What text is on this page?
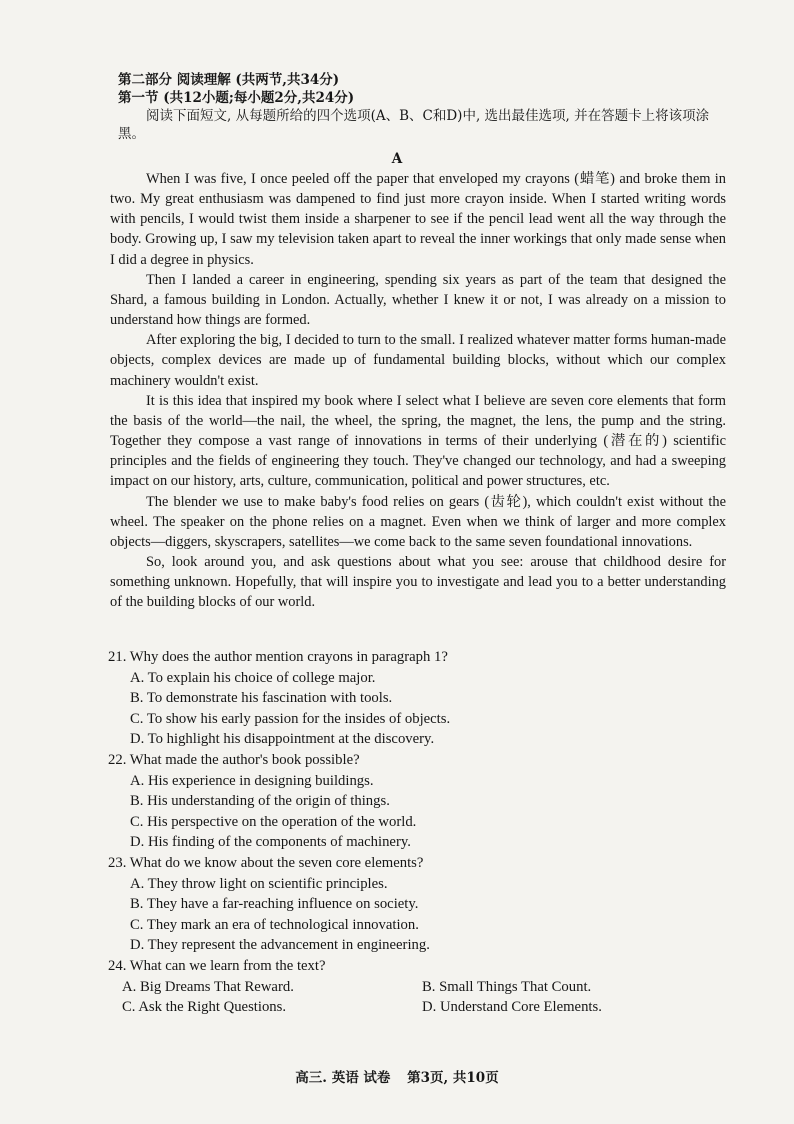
第二部分 阅读理解 (共两节,共34分)
第一节 (共12小题;每小题2分,共24分)
阅读下面短文, 从每题所给的四个选项(A、B、C和D)中, 选出最佳选项, 并在答题卡上将该项涂黑。
A

When I was five, I once peeled off the paper that enveloped my crayons (蜡笔) and broke them in two. My great enthusiasm was dampened to find just more crayon inside. When I started writing words with pencils, I would twist them inside a sharpener to see if the pencil lead went all the way through the body. Growing up, I saw my television taken apart to reveal the inner workings that only made sense when I did a degree in physics.

Then I landed a career in engineering, spending six years as part of the team that designed the Shard, a famous building in London. Actually, whether I knew it or not, I was already on a mission to understand how things are formed.

After exploring the big, I decided to turn to the small. I realized whatever matter forms human-made objects, complex devices are made up of fundamental building blocks, without which our complex machinery wouldn't exist.

It is this idea that inspired my book where I select what I believe are seven core elements that form the basis of the world—the nail, the wheel, the spring, the magnet, the lens, the pump and the string. Together they compose a vast range of innovations in terms of their underlying (潜在的) scientific principles and the fields of engineering they touch. They've changed our technology, and had a sweeping impact on our history, arts, culture, communication, political and power structures, etc.

The blender we use to make baby's food relies on gears (齿轮), which couldn't exist without the wheel. The speaker on the phone relies on a magnet. Even when we think of larger and more complex objects—diggers, skyscrapers, satellites—we come back to the same seven foundational innovations.

So, look around you, and ask questions about what you see: arouse that childhood desire for something unknown. Hopefully, that will inspire you to investigate and lead you to a better understanding of the building blocks of our world.

21. Why does the author mention crayons in paragraph 1?
A. To explain his choice of college major.
B. To demonstrate his fascination with tools.
C. To show his early passion for the insides of objects.
D. To highlight his disappointment at the discovery.
22. What made the author's book possible?
A. His experience in designing buildings.
B. His understanding of the origin of things.
C. His perspective on the operation of the world.
D. His finding of the components of machinery.
23. What do we know about the seven core elements?
A. They throw light on scientific principles.
B. They have a far-reaching influence on society.
C. They mark an era of technological innovation.
D. They represent the advancement in engineering.
24. What can we learn from the text?
A. Big Dreams That Reward.	B. Small Things That Count.
C. Ask the Right Questions.	D. Understand Core Elements.
高三. 英语 试卷 第3页, 共10页
